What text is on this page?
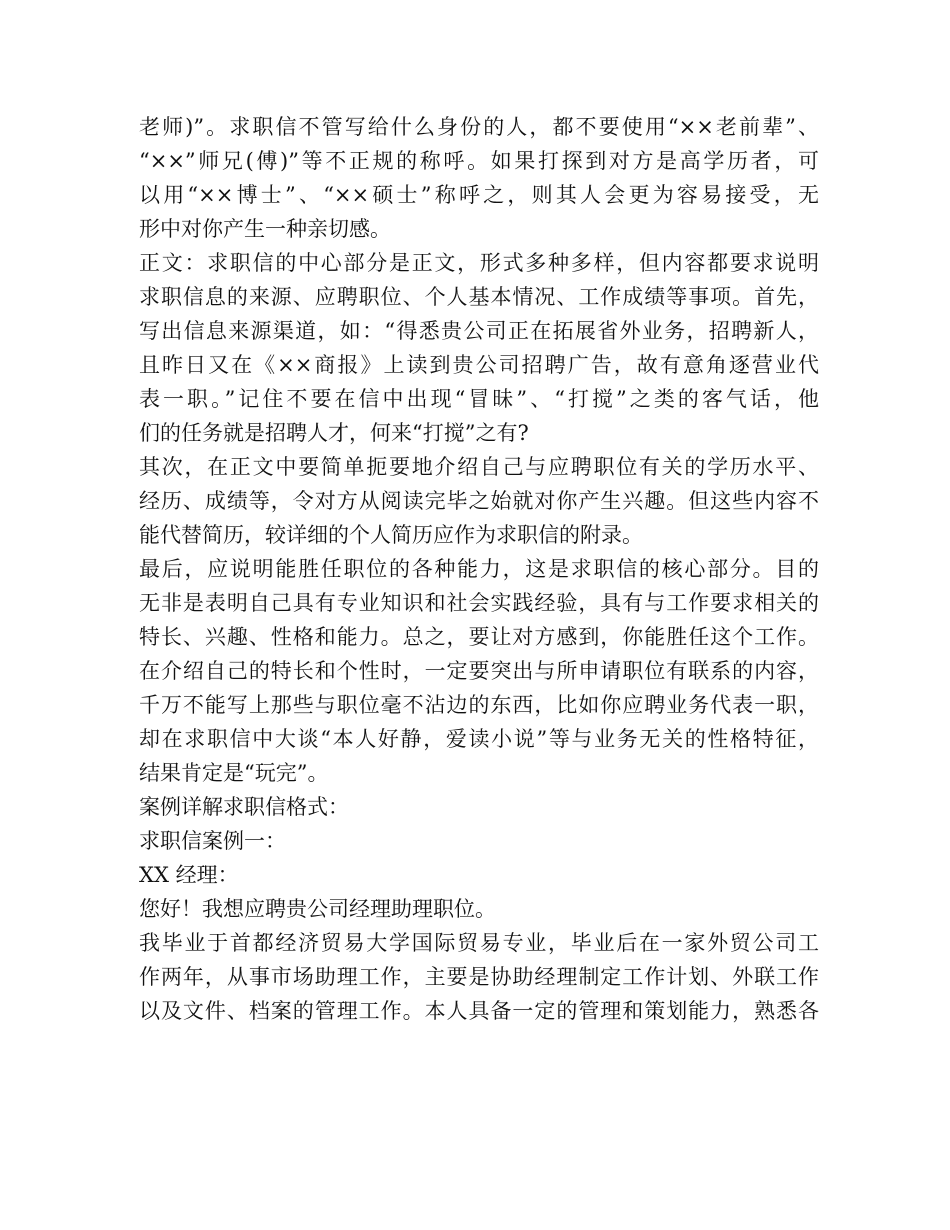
老师)”。求职信不管写给什么身份的人，都不要使用“××老前辈”、
“××”师兄(傅)”等不正规的称呼。如果打探到对方是高学历者，可
以用“××博士”、“××硕士”称呼之，则其人会更为容易接受，无
形中对你产生一种亲切感。
正文：求职信的中心部分是正文，形式多种多样，但内容都要求说明
求职信息的来源、应聘职位、个人基本情况、工作成绩等事项。首先，
写出信息来源渠道，如：“得悉贵公司正在拓展省外业务，招聘新人，
且昨日又在《××商报》上读到贵公司招聘广告，故有意角逐营业代
表一职。”记住不要在信中出现“冒昧”、“打搅”之类的客气话，他
们的任务就是招聘人才，何来“打搅”之有?
其次，在正文中要简单扼要地介绍自己与应聘职位有关的学历水平、
经历、成绩等，令对方从阅读完毕之始就对你产生兴趣。但这些内容不
能代替简历，较详细的个人简历应作为求职信的附录。
最后，应说明能胜任职位的各种能力，这是求职信的核心部分。目的
无非是表明自己具有专业知识和社会实践经验，具有与工作要求相关的
特长、兴趣、性格和能力。总之，要让对方感到，你能胜任这个工作。
在介绍自己的特长和个性时，一定要突出与所申请职位有联系的内容，
千万不能写上那些与职位毫不沾边的东西，比如你应聘业务代表一职，
却在求职信中大谈“本人好静，爱读小说”等与业务无关的性格特征，
结果肯定是“玩完”。
案例详解求职信格式：
求职信案例一：
XX 经理：
您好！我想应聘贵公司经理助理职位。
我毕业于首都经济贸易大学国际贸易专业，毕业后在一家外贸公司工
作两年，从事市场助理工作，主要是协助经理制定工作计划、外联工作
以及文件、档案的管理工作。本人具备一定的管理和策划能力，熟悉各
